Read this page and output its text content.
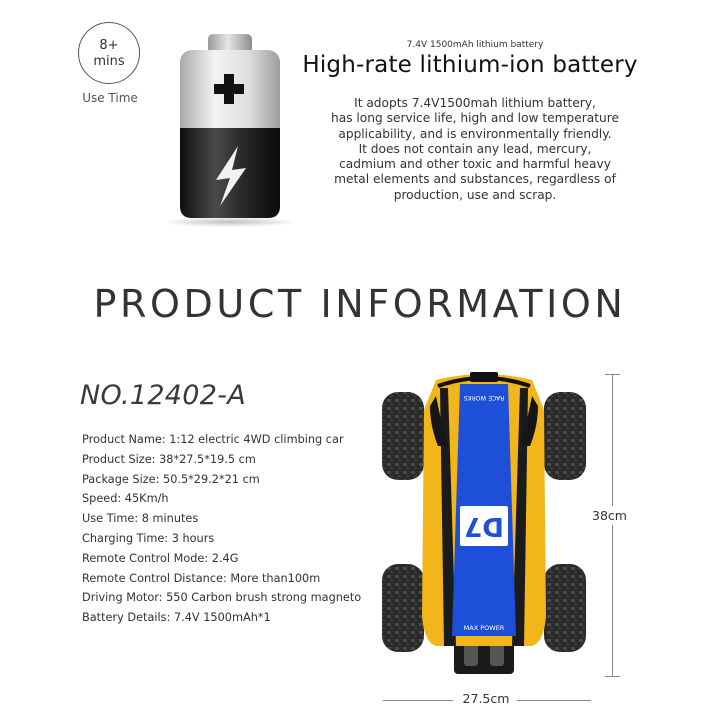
8+
mins
Use Time
7.4V 1500mAh lithium battery
High-rate lithium-ion battery
It adopts 7.4V1500mah lithium battery,
has long service life, high and low temperature
applicability, and is environmentally friendly.
It does not contain any lead, mercury,
cadmium and other toxic and harmful heavy
metal elements and substances, regardless of
production, use and scrap.
PRODUCT INFORMATION
NO.12402-A
Product Name: 1:12 electric 4WD climbing car
Product Size: 38*27.5*19.5 cm
Package Size: 50.5*29.2*21 cm
Speed: 45Km/h
Use Time: 8 minutes
Charging Time: 3 hours
Remote Control Mode: 2.4G
Remote Control Distance: More than100m
Driving Motor: 550 Carbon brush strong magneto
Battery Details: 7.4V 1500mAh*1
RACE WORKS
D7
MAX POWER
38cm
27.5cm
